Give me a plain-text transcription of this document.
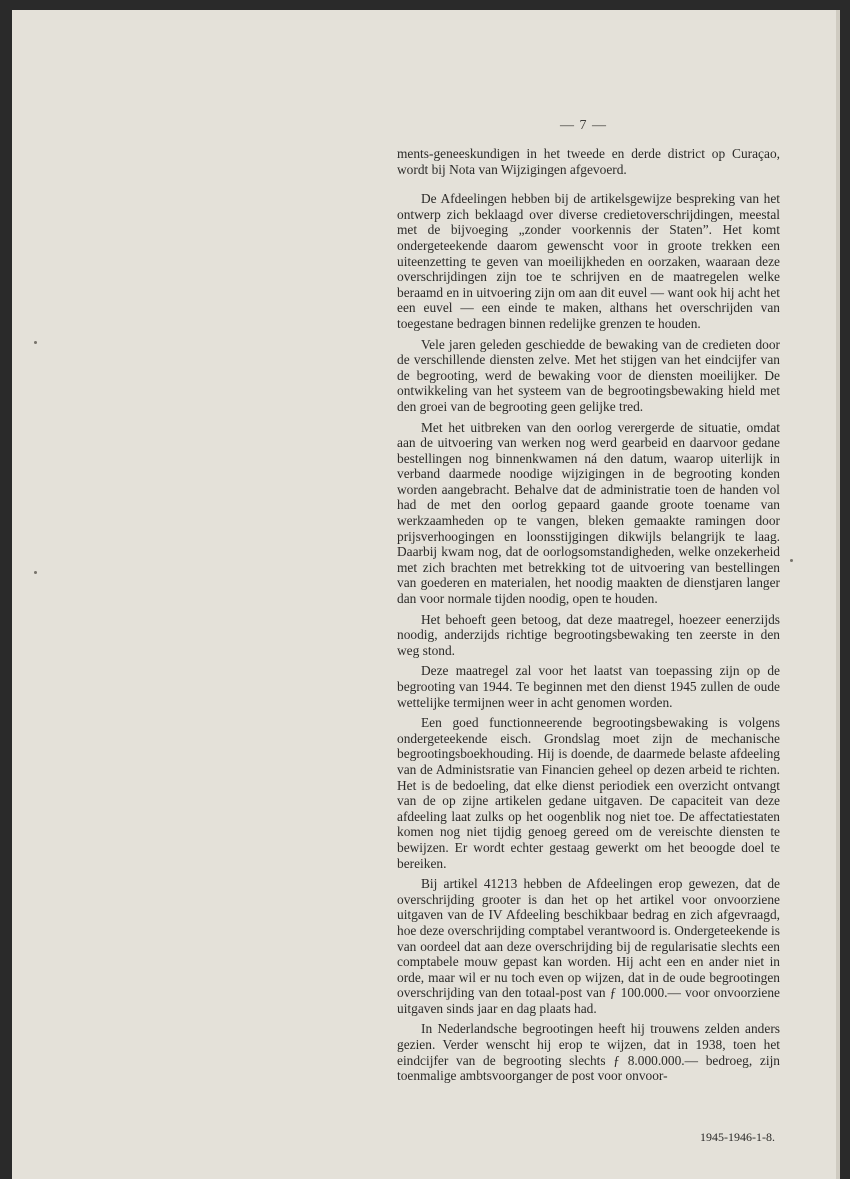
— 7 —

ments-geneeskundigen in het tweede en derde district op Curaçao, wordt bij Nota van Wijzigingen afgevoerd.

De Afdeelingen hebben bij de artikelsgewijze bespreking van het ontwerp zich beklaagd over diverse credietoverschrijdingen, meestal met de bijvoeging „zonder voorkennis der Staten”. Het komt ondergeteekende daarom gewenscht voor in groote trekken een uiteenzetting te geven van moeilijkheden en oorzaken, waaraan deze overschrijdingen zijn toe te schrijven en de maatregelen welke beraamd en in uitvoering zijn om aan dit euvel — want ook hij acht het een euvel — een einde te maken, althans het overschrijden van toegestane bedragen binnen redelijke grenzen te houden.

Vele jaren geleden geschiedde de bewaking van de credieten door de verschillende diensten zelve. Met het stijgen van het eindcijfer van de begrooting, werd de bewaking voor de diensten moeilijker. De ontwikkeling van het systeem van de begrootingsbewaking hield met den groei van de begrooting geen gelijke tred.

Met het uitbreken van den oorlog verergerde de situatie, omdat aan de uitvoering van werken nog werd gearbeid en daarvoor gedane bestellingen nog binnenkwamen ná den datum, waarop uiterlijk in verband daarmede noodige wijzigingen in de begrooting konden worden aangebracht. Behalve dat de administratie toen de handen vol had de met den oorlog gepaard gaande groote toename van werkzaamheden op te vangen, bleken gemaakte ramingen door prijsverhoogingen en loonsstijgingen dikwijls belangrijk te laag. Daarbij kwam nog, dat de oorlogsomstandigheden, welke onzekerheid met zich brachten met betrekking tot de uitvoering van bestellingen van goederen en materialen, het noodig maakten de dienstjaren langer dan voor normale tijden noodig, open te houden.

Het behoeft geen betoog, dat deze maatregel, hoezeer eenerzijds noodig, anderzijds richtige begrootingsbewaking ten zeerste in den weg stond.

Deze maatregel zal voor het laatst van toepassing zijn op de begrooting van 1944. Te beginnen met den dienst 1945 zullen de oude wettelijke termijnen weer in acht genomen worden.

Een goed functionneerende begrootingsbewaking is volgens ondergeteekende eisch. Grondslag moet zijn de mechanische begrootingsboekhouding. Hij is doende, de daarmede belaste afdeeling van de Administsratie van Financien geheel op dezen arbeid te richten. Het is de bedoeling, dat elke dienst periodiek een overzicht ontvangt van de op zijne artikelen gedane uitgaven. De capaciteit van deze afdeeling laat zulks op het oogenblik nog niet toe. De affectatiestaten komen nog niet tijdig genoeg gereed om de vereischte diensten te bewijzen. Er wordt echter gestaag gewerkt om het beoogde doel te bereiken.

Bij artikel 41213 hebben de Afdeelingen erop gewezen, dat de overschrijding grooter is dan het op het artikel voor onvoorziene uitgaven van de IV Afdeeling beschikbaar bedrag en zich afgevraagd, hoe deze overschrijding comptabel verantwoord is. Ondergeteekende is van oordeel dat aan deze overschrijding bij de regularisatie slechts een comptabele mouw gepast kan worden. Hij acht een en ander niet in orde, maar wil er nu toch even op wijzen, dat in de oude begrootingen overschrijding van den totaal-post van ƒ 100.000.— voor onvoorziene uitgaven sinds jaar en dag plaats had.

In Nederlandsche begrootingen heeft hij trouwens zelden anders gezien. Verder wenscht hij erop te wijzen, dat in 1938, toen het eindcijfer van de begrooting slechts ƒ 8.000.000.— bedroeg, zijn toenmalige ambtsvoorganger de post voor onvoor-

1945-1946-1-8.
